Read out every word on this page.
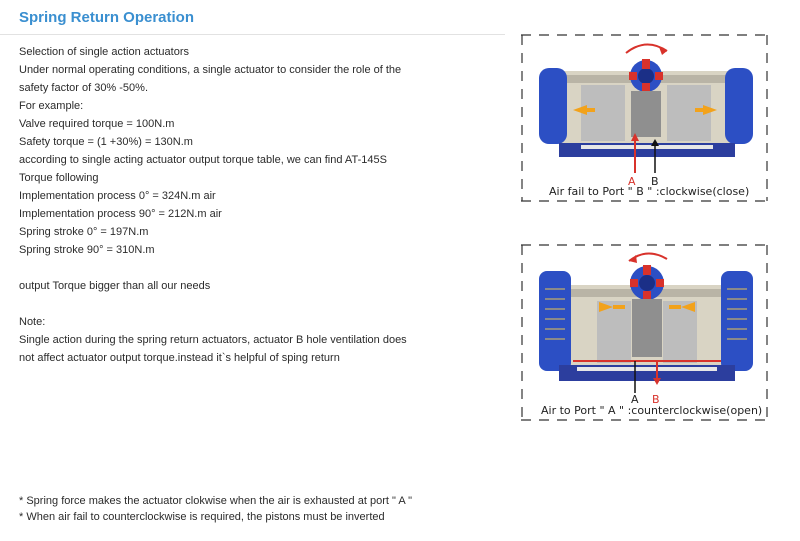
Spring Return Operation
Selection of single action actuators
Under normal operating conditions, a single actuator to consider the role of the
safety factor of 30% -50%.
For example:
Valve required torque = 100N.m
Safety torque = (1 +30%) = 130N.m
according to single acting actuator output torque table, we can find AT-145S
Torque following
Implementation process 0° = 324N.m air
Implementation process 90° = 212N.m air
Spring stroke 0° = 197N.m
Spring stroke 90° = 310N.m
output Torque bigger than all our needs
Note:
Single action during the spring return actuators, actuator B hole ventilation does
not affect actuator output torque.instead it`s helpful of sping return
* Spring force makes the actuator clokwise when the air is exhausted at port " A "
* When air fail to counterclockwise is required, the pistons must be inverted
A B
Air fail to Port " B " :clockwise(close)
A B
Air to Port " A " :counterclockwise(open)
